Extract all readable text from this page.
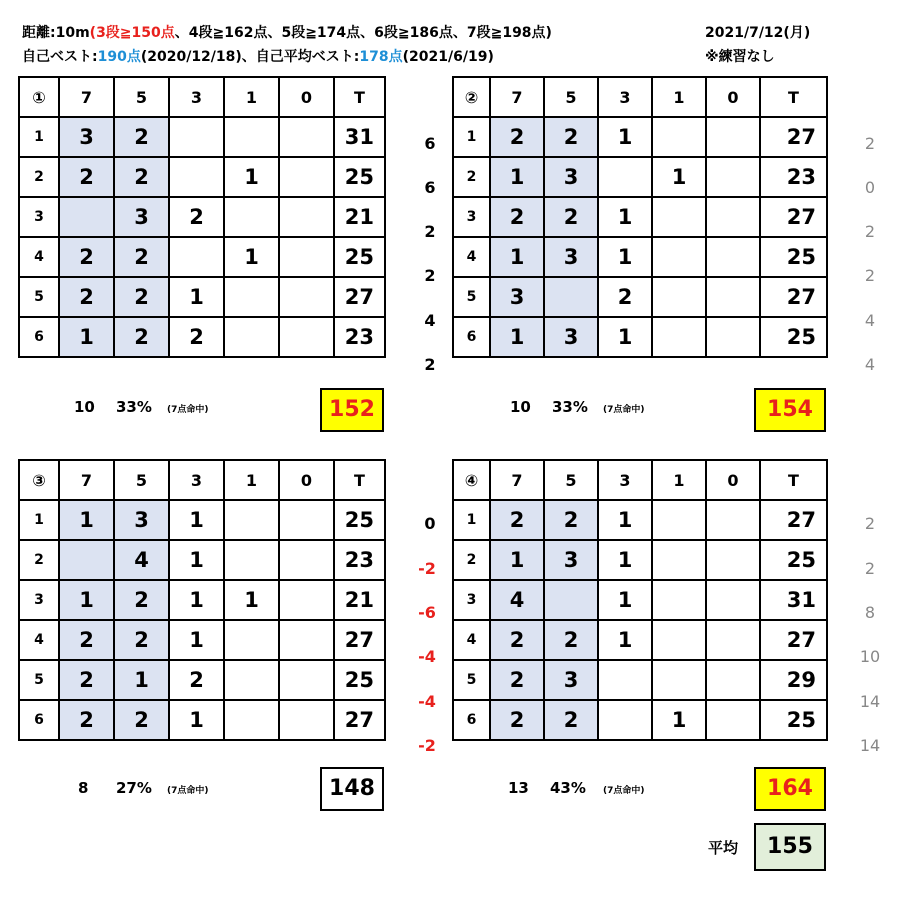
距離:10m(3段≧150点、4段≧162点、5段≧174点、6段≧186点、7段≧198点)
自己ベスト:190点(2020/12/18)、自己平均ベスト:178点(2021/6/19)
2021/7/12(月)
※練習なし
①	7	5	3	1	0	T
1	3	2				31
2	2	2		1		25
3		3	2			21
4	2	2		1		25
5	2	2	1			27
6	1	2	2			23
10 33% (7点命中)	152
6
6
2
2
4
2
②	7	5	3	1	0	T
1	2	2	1			27
2	1	3		1		23
3	2	2	1			27
4	1	3	1			25
5	3		2			27
6	1	3	1			25
10 33% (7点命中)	154
2
0
2
2
4
4
③	7	5	3	1	0	T
1	1	3	1			25
2		4	1			23
3	1	2	1	1		21
4	2	2	1			27
5	2	1	2			25
6	2	2	1			27
8 27% (7点命中)	148
0
-2
-6
-4
-4
-2
④	7	5	3	1	0	T
1	2	2	1			27
2	1	3	1			25
3	4		1			31
4	2	2	1			27
5	2	3				29
6	2	2		1		25
13 43% (7点命中)	164
2
2
8
10
14
14
平均	155
